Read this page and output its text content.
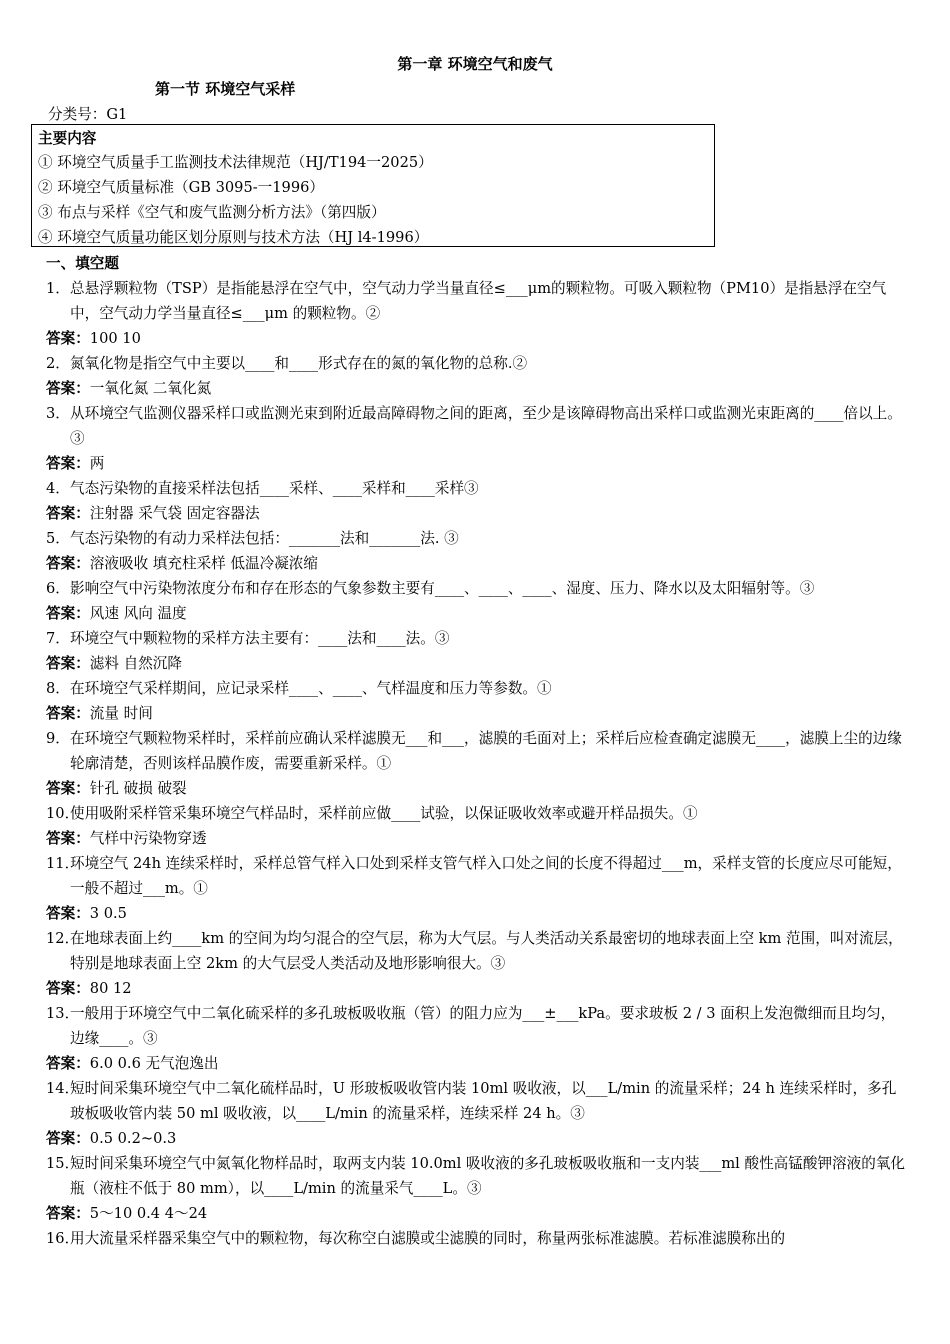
第一章 环境空气和废气
第一节 环境空气采样
分类号：G1
主要内容
① 环境空气质量手工监测技术法律规范（HJ/T194一2025）
② 环境空气质量标准（GB 3095-一1996）
③ 布点与采样《空气和废气监测分析方法》（第四版）
④ 环境空气质量功能区划分原则与技术方法（HJ l4-1996）
一、填空题
1．总悬浮颗粒物（TSP）是指能悬浮在空气中，空气动力学当量直径≤___μm的颗粒物。可吸入颗粒物（PM10）是指悬浮在空气中，空气动力学当量直径≤___μm 的颗粒物。②
答案：100 10
2．氮氧化物是指空气中主要以____和____形式存在的氮的氧化物的总称.②
答案：一氧化氮 二氧化氮
3．从环境空气监测仪器采样口或监测光束到附近最高障碍物之间的距离，至少是该障碍物高出采样口或监测光束距离的____倍以上。③
答案：两
4．气态污染物的直接采样法包括____采样、____采样和____采样③
答案：注射器 采气袋 固定容器法
5．气态污染物的有动力采样法包括：_______法和_______法. ③
答案：溶液吸收 填充柱采样 低温冷凝浓缩
6．影响空气中污染物浓度分布和存在形态的气象参数主要有____、____、____、湿度、压力、降水以及太阳辐射等。③
答案：风速 风向 温度
7．环境空气中颗粒物的采样方法主要有：____法和____法。③
答案：滤料 自然沉降
8．在环境空气采样期间，应记录采样____、____、气样温度和压力等参数。①
答案：流量 时间
9．在环境空气颗粒物采样时，采样前应确认采样滤膜无___和___，滤膜的毛面对上；采样后应检查确定滤膜无____，滤膜上尘的边缘轮廓清楚，否则该样品膜作废，需要重新采样。①
答案：针孔 破损 破裂
10．使用吸附采样管采集环境空气样品时，采样前应做____试验，以保证吸收效率或避开样品损失。①
答案：气样中污染物穿透
11．环境空气 24h 连续采样时，采样总管气样入口处到采样支管气样入口处之间的长度不得超过___m，采样支管的长度应尽可能短，一般不超过___m。①
答案：3 0.5
12．在地球表面上约____km 的空间为均匀混合的空气层，称为大气层。与人类活动关系最密切的地球表面上空 km 范围，叫对流层，特别是地球表面上空 2km 的大气层受人类活动及地形影响很大。③
答案：80 12
13．一般用于环境空气中二氧化硫采样的多孔玻板吸收瓶（管）的阻力应为___±___kPa。要求玻板 2 / 3 面积上发泡微细而且均匀，边缘____。③
答案：6.0 0.6 无气泡逸出
14．短时间采集环境空气中二氧化硫样品时，U 形玻板吸收管内装 10ml 吸收液，以___L/min 的流量采样；24 h 连续采样时，多孔玻板吸收管内装 50 ml 吸收液，以____L/min 的流量采样，连续采样 24 h。③
答案：0.5 0.2~0.3
15．短时间采集环境空气中氮氧化物样品时，取两支内装 10.0ml 吸收液的多孔玻板吸收瓶和一支内装___ml 酸性高锰酸钾溶液的氧化瓶（液柱不低于 80 mm），以____L/min 的流量采气____L。③
答案：5～10 0.4 4～24
16．用大流量采样器采集空气中的颗粒物，每次称空白滤膜或尘滤膜的同时，称量两张标准滤膜。若标准滤膜称出的
